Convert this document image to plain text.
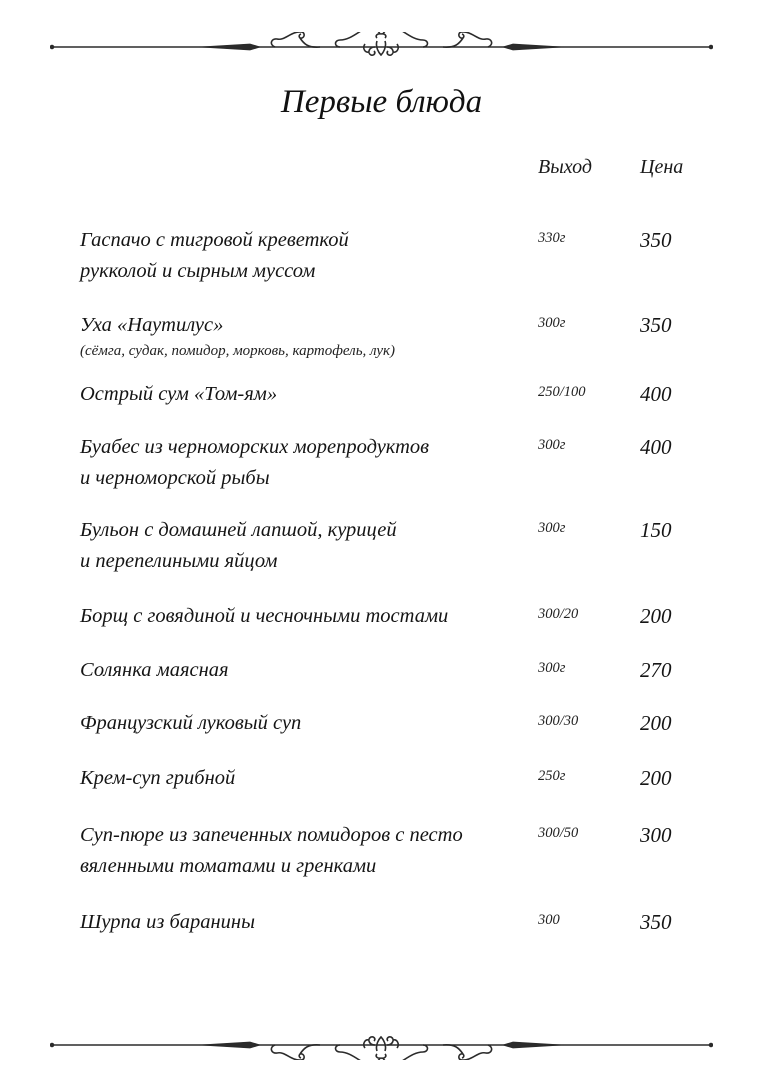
Первые блюда
Выход Цена
Гаспачо с тигровой креветкой
рукколой и сырным муссом
330г	350
Уха «Наутилус»
(сёмга, судак, помидор, морковь, картофель, лук)
300г	350
Острый сум «Том-ям»	250/100	400
Буабес из черноморских морепродуктов
и черноморской рыбы
300г	400
Бульон с домашней лапшой, курицей
и перепелиными яйцом
300г	150
Борщ с говядиной и чесночными тостами	300/20	200
Солянка маясная	300г	270
Французский луковый суп	300/30	200
Крем-суп грибной	250г	200
Суп-пюре из запеченных помидоров с песто
вяленными томатами и гренками
300/50	300
Шурпа из баранины	300	350
